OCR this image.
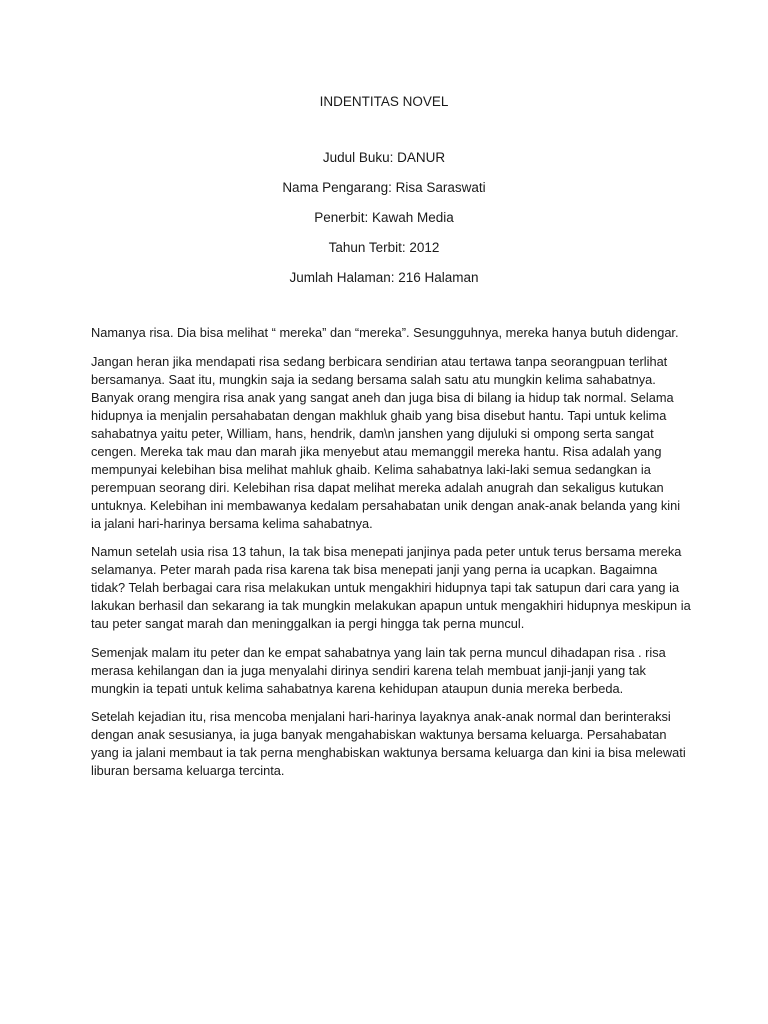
INDENTITAS NOVEL
Judul Buku: DANUR
Nama Pengarang: Risa Saraswati
Penerbit: Kawah Media
Tahun Terbit: 2012
Jumlah Halaman: 216 Halaman

Namanya risa. Dia bisa melihat “ mereka” dan “mereka”. Sesungguhnya, mereka hanya butuh didengar.

Jangan heran jika mendapati risa sedang berbicara sendirian atau tertawa tanpa seorangpuan terlihat bersamanya. Saat itu, mungkin saja ia sedang bersama salah satu atu mungkin kelima sahabatnya. Banyak orang mengira risa anak yang sangat aneh dan juga bisa di bilang ia hidup tak normal. Selama hidupnya ia menjalin persahabatan dengan makhluk ghaib yang bisa disebut hantu. Tapi untuk kelima sahabatnya yaitu peter, William, hans, hendrik, dam\n janshen yang dijuluki si ompong serta sangat cengen. Mereka tak mau dan marah jika menyebut atau memanggil mereka hantu. Risa adalah yang mempunyai kelebihan bisa melihat mahluk ghaib. Kelima sahabatnya laki-laki semua sedangkan ia perempuan seorang diri. Kelebihan risa dapat melihat mereka adalah anugrah dan sekaligus kutukan untuknya. Kelebihan ini membawanya kedalam persahabatan unik dengan anak-anak belanda yang kini ia jalani hari-harinya bersama kelima sahabatnya.

Namun setelah usia risa 13 tahun, Ia tak bisa menepati janjinya pada peter untuk terus bersama mereka selamanya. Peter marah pada risa karena tak bisa menepati janji yang perna ia ucapkan. Bagaimna tidak? Telah berbagai cara risa melakukan untuk mengakhiri hidupnya tapi tak satupun dari cara yang ia lakukan berhasil dan sekarang ia tak mungkin melakukan apapun untuk mengakhiri hidupnya meskipun ia tau peter sangat marah dan meninggalkan ia pergi hingga tak perna muncul.

Semenjak malam itu peter dan ke empat sahabatnya yang lain tak perna muncul dihadapan risa . risa merasa kehilangan dan ia juga menyalahi dirinya sendiri karena telah membuat janji-janji yang tak mungkin ia tepati untuk kelima sahabatnya karena kehidupan ataupun dunia mereka berbeda.

Setelah kejadian itu, risa mencoba menjalani hari-harinya layaknya anak-anak normal dan berinteraksi dengan anak sesusianya, ia juga banyak mengahabiskan waktunya bersama keluarga. Persahabatan yang ia jalani membaut ia tak perna menghabiskan waktunya bersama keluarga dan kini ia bisa melewati liburan bersama keluarga tercinta.
